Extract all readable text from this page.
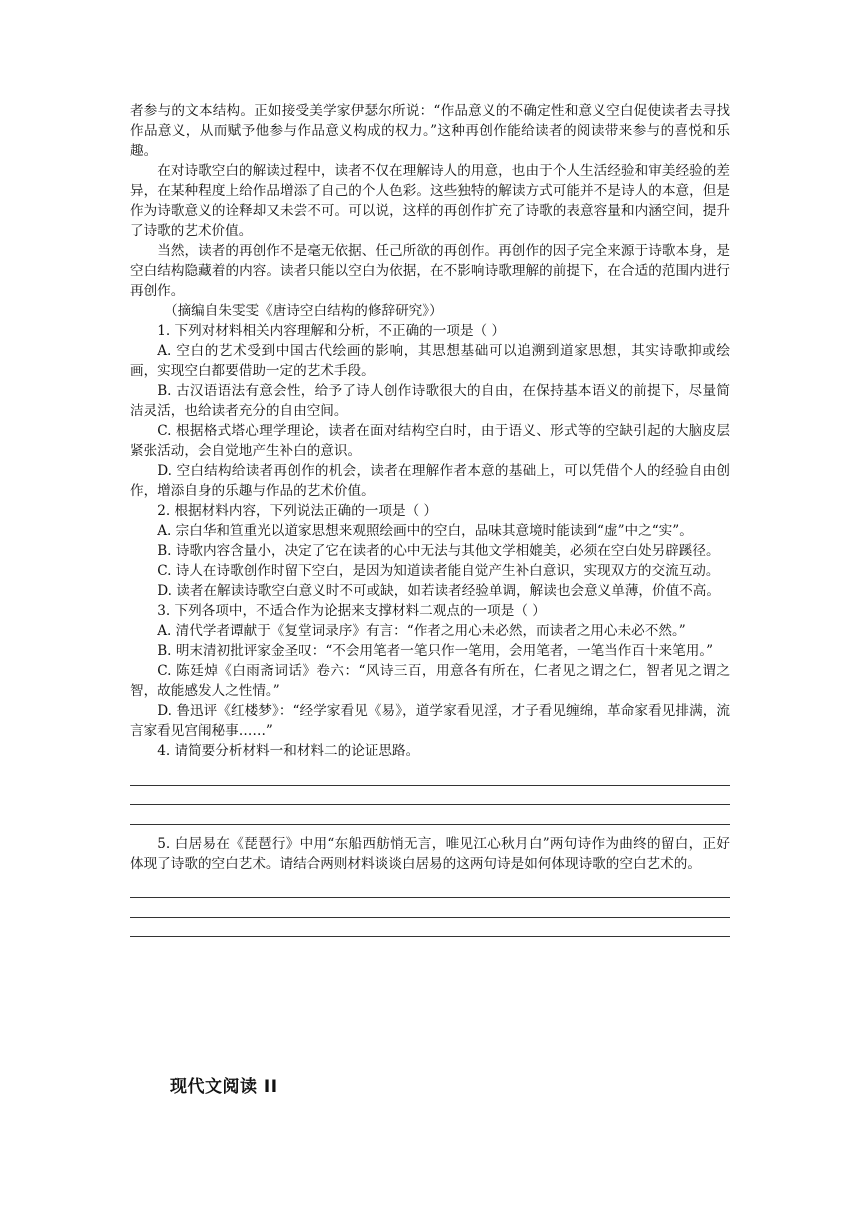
者参与的文本结构。正如接受美学家伊瑟尔所说：“作品意义的不确定性和意义空白促使读者去寻找作品意义，从而赋予他参与作品意义构成的权力。”这种再创作能给读者的阅读带来参与的喜悦和乐趣。

在对诗歌空白的解读过程中，读者不仅在理解诗人的用意，也由于个人生活经验和审美经验的差异，在某种程度上给作品增添了自己的个人色彩。这些独特的解读方式可能并不是诗人的本意，但是作为诗歌意义的诠释却又未尝不可。可以说，这样的再创作扩充了诗歌的表意容量和内涵空间，提升了诗歌的艺术价值。

当然，读者的再创作不是毫无依据、任己所欲的再创作。再创作的因子完全来源于诗歌本身，是空白结构隐藏着的内容。读者只能以空白为依据，在不影响诗歌理解的前提下，在合适的范围内进行再创作。

（摘编自朱雯雯《唐诗空白结构的修辞研究》）

1. 下列对材料相关内容理解和分析，不正确的一项是（ ）

A. 空白的艺术受到中国古代绘画的影响，其思想基础可以追溯到道家思想，其实诗歌抑或绘画，实现空白都要借助一定的艺术手段。

B. 古汉语语法有意会性，给予了诗人创作诗歌很大的自由，在保持基本语义的前提下，尽量简洁灵活，也给读者充分的自由空间。

C. 根据格式塔心理学理论，读者在面对结构空白时，由于语义、形式等的空缺引起的大脑皮层紧张活动，会自觉地产生补白的意识。

D. 空白结构给读者再创作的机会，读者在理解作者本意的基础上，可以凭借个人的经验自由创作，增添自身的乐趣与作品的艺术价值。

2. 根据材料内容，下列说法正确的一项是（ ）

A. 宗白华和笪重光以道家思想来观照绘画中的空白，品味其意境时能读到“虚”中之“实”。

B. 诗歌内容含量小，决定了它在读者的心中无法与其他文学相媲美，必须在空白处另辟蹊径。

C. 诗人在诗歌创作时留下空白，是因为知道读者能自觉产生补白意识，实现双方的交流互动。

D. 读者在解读诗歌空白意义时不可或缺，如若读者经验单调，解读也会意义单薄，价值不高。

3. 下列各项中，不适合作为论据来支撑材料二观点的一项是（ ）

A. 清代学者谭献于《复堂词录序》有言：“作者之用心未必然，而读者之用心未必不然。”

B. 明末清初批评家金圣叹：“不会用笔者一笔只作一笔用，会用笔者，一笔当作百十来笔用。”

C. 陈廷焯《白雨斋词话》卷六：“风诗三百，用意各有所在，仁者见之谓之仁，智者见之谓之智，故能感发人之性情。”

D. 鲁迅评《红楼梦》：“经学家看见《易》，道学家看见淫，才子看见缠绵，革命家看见排满，流言家看见宫闱秘事……”

4. 请简要分析材料一和材料二的论证思路。

5. 白居易在《琵琶行》中用“东船西舫悄无言，唯见江心秋月白”两句诗作为曲终的留白，正好体现了诗歌的空白艺术。请结合两则材料谈谈白居易的这两句诗是如何体现诗歌的空白艺术的。

现代文阅读 II
